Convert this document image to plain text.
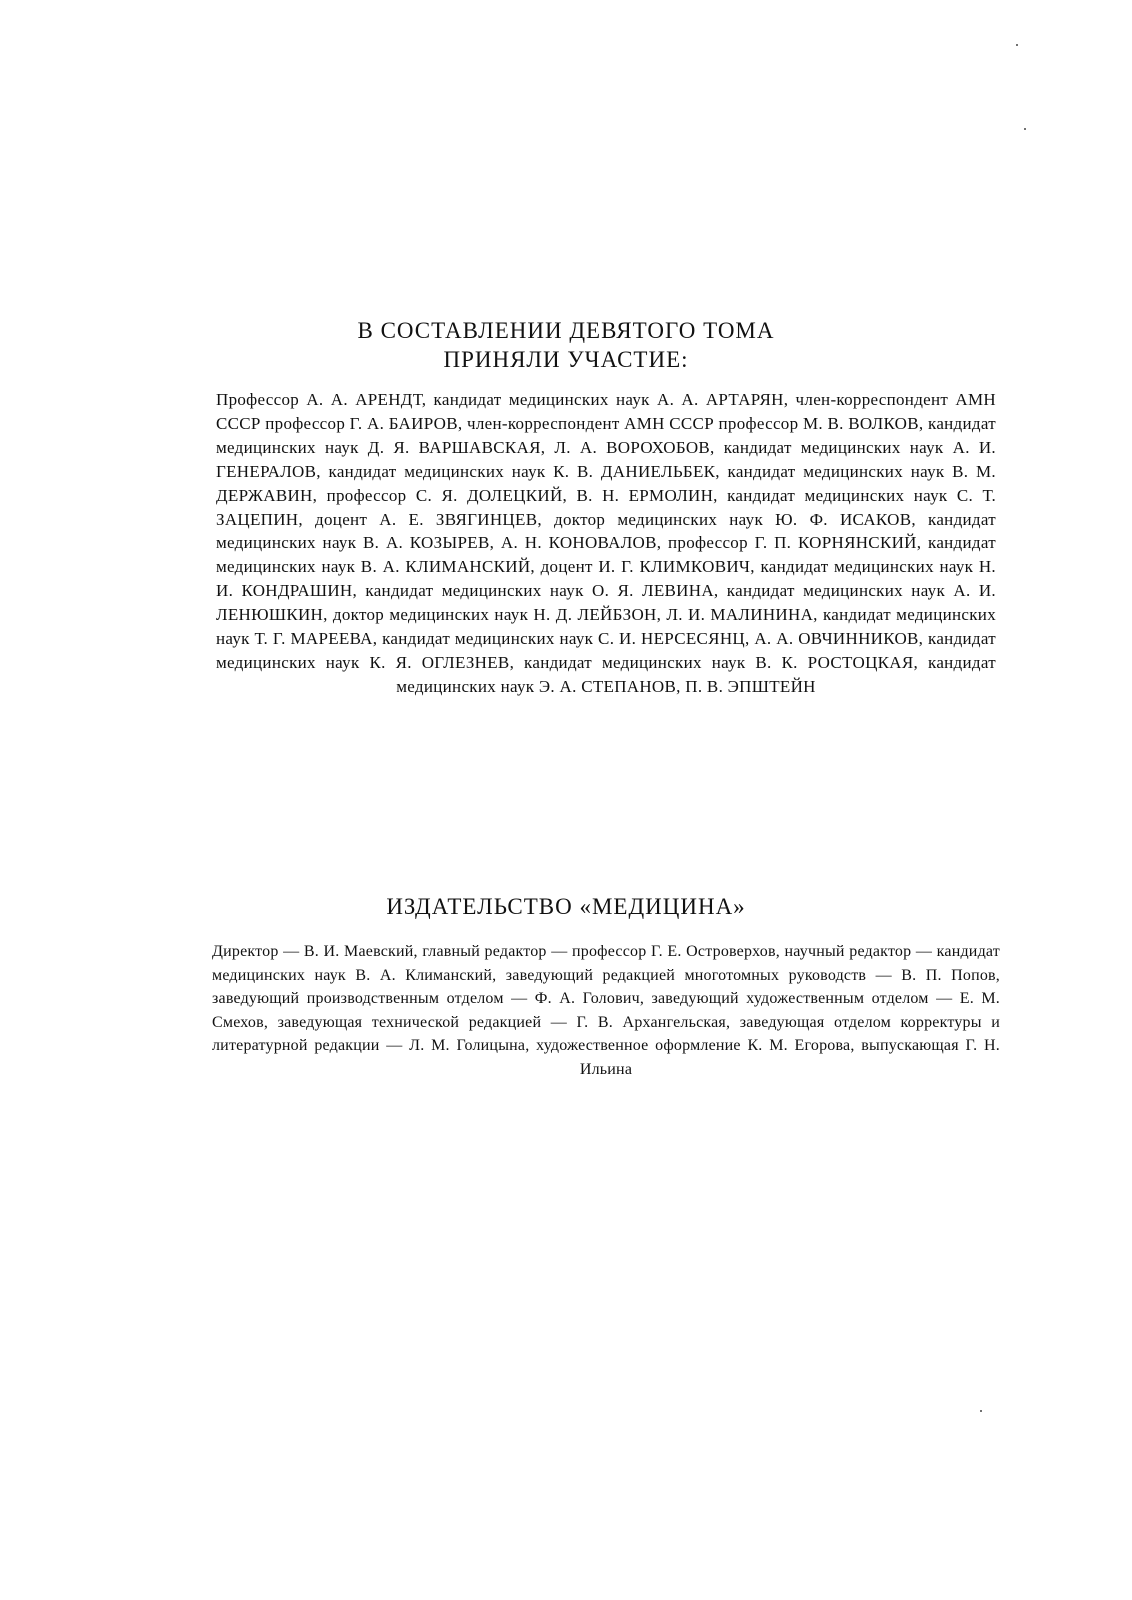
В СОСТАВЛЕНИИ ДЕВЯТОГО ТОМА
ПРИНЯЛИ УЧАСТИЕ:

Профессор А. А. АРЕНДТ, кандидат медицинских наук А. А. АРТАРЯН, член-корреспондент АМН СССР профессор Г. А. БАИРОВ, член-корреспондент АМН СССР профессор М. В. ВОЛКОВ, кандидат медицинских наук Д. Я. ВАРШАВСКАЯ, Л. А. ВОРОХОБОВ, кандидат медицинских наук А. И. ГЕНЕРАЛОВ, кандидат медицинских наук К. В. ДАНИЕЛЬБЕК, кандидат медицинских наук В. М. ДЕРЖАВИН, профессор С. Я. ДОЛЕЦКИЙ, В. Н. ЕРМОЛИН, кандидат медицинских наук С. Т. ЗАЦЕПИН, доцент А. Е. ЗВЯГИНЦЕВ, доктор медицинских наук Ю. Ф. ИСАКОВ, кандидат медицинских наук В. А. КОЗЫРЕВ, А. Н. КОНОВАЛОВ, профессор Г. П. КОРНЯНСКИЙ, кандидат медицинских наук В. А. КЛИМАНСКИЙ, доцент И. Г. КЛИМКОВИЧ, кандидат медицинских наук Н. И. КОНДРАШИН, кандидат медицинских наук О. Я. ЛЕВИНА, кандидат медицинских наук А. И. ЛЕНЮШКИН, доктор медицинских наук Н. Д. ЛЕЙБЗОН, Л. И. МАЛИНИНА, кандидат медицинских наук Т. Г. МАРЕЕВА, кандидат медицинских наук С. И. НЕРСЕСЯНЦ, А. А. ОВЧИННИКОВ, кандидат медицинских наук К. Я. ОГЛЕЗНЕВ, кандидат медицинских наук В. К. РОСТОЦКАЯ, кандидат медицинских наук Э. А. СТЕПАНОВ, П. В. ЭПШТЕЙН

ИЗДАТЕЛЬСТВО «МЕДИЦИНА»

Директор — В. И. Маевский, главный редактор — профессор Г. Е. Островерхов, научный редактор — кандидат медицинских наук В. А. Климанский, заведующий редакцией многотомных руководств — В. П. Попов, заведующий производственным отделом — Ф. А. Голович, заведующий художественным отделом — Е. М. Смехов, заведующая технической редакцией — Г. В. Архангельская, заведующая отделом корректуры и литературной редакции — Л. М. Голицына, художественное оформление К. М. Егорова, выпускающая Г. Н. Ильина
